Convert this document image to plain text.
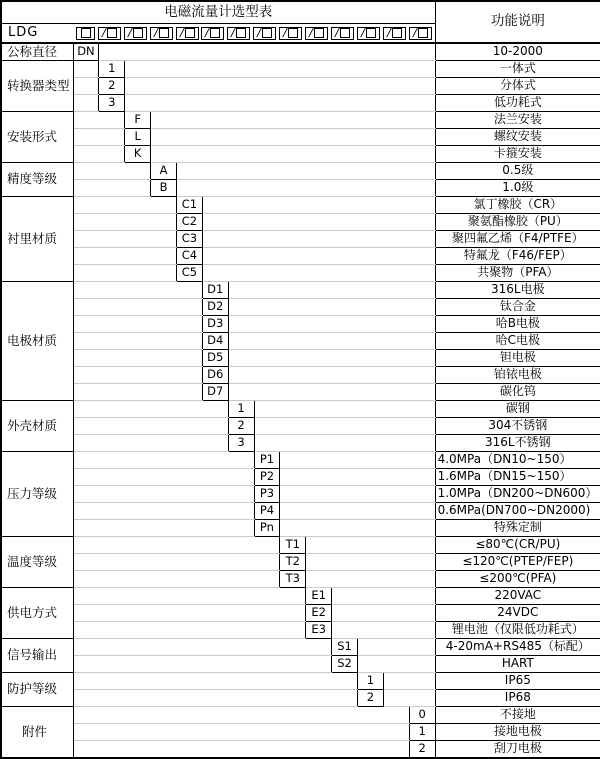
电磁流量计选型表															功能说明
LDG	/ / / / / / / / / / / / /

公称直径	DN														10-2000
转换器类型		1													一体式
		2													分体式
		3													低功耗式
安装形式			F												法兰安装
			L												螺纹安装
			K												卡箍安装
精度等级				A											0.5级
				B											1.0级
衬里材质					C1										氯丁橡胶（CR）
					C2										聚氨酯橡胶（PU）
					C3										聚四氟乙烯（F4/PTFE）
					C4										特氟龙（F46/FEP）
					C5										共聚物（PFA）
电极材质						D1									316L电极
						D2									钛合金
						D3									哈B电极
						D4									哈C电极
						D5									钽电极
						D6									铂铱电极
						D7									碳化钨
外壳材质							1								碳钢
							2								304不锈钢
							3								316L不锈钢
压力等级								P1							4.0MPa（DN10~150）
								P2							1.6MPa（DN15~150）
								P3							1.0MPa（DN200~DN600）
								P4							0.6MPa(DN700~DN2000)
								Pn							特殊定制
温度等级									T1						≤80℃(CR/PU)
									T2						≤120℃(PTEP/FEP)
									T3						≤200℃(PFA)
供电方式										E1					220VAC
										E2					24VDC
										E3					锂电池（仅限低功耗式）
信号输出											S1				4-20mA+RS485（标配）
											S2				HART
防护等级												1			IP65
												2			IP68
附件														0	不接地
														1	接地电极
														2	刮刀电极
